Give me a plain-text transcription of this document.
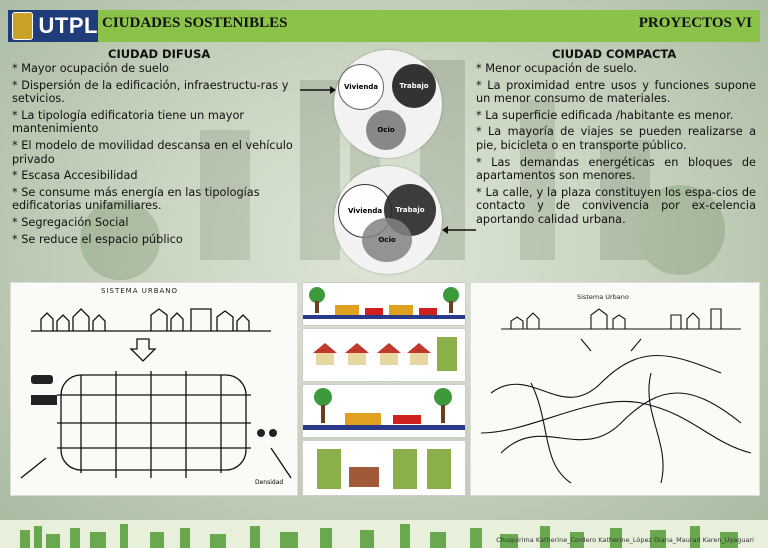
UTPL CIUDADES SOSTENIBLES	PROYECTOS VI
CIUDAD DIFUSA

* Mayor ocupación de suelo

* Dispersión de la edificación, infraestructu-ras y setvicios.

* La tipología edificatoria tiene un mayor mantenimiento

* El modelo de movilidad descansa en el vehículo privado

* Escasa Accesibilidad

* Se consume más energía en las tipologías edificatorias unifamiliares.

* Segregación Social

* Se reduce el espacio público

CIUDAD COMPACTA

* Menor ocupación de suelo.

* La proximidad entre usos y funciones supone un menor consumo de materiales.

* La superficie edificada /habitante es menor.

* La mayoría de viajes se pueden realizarse a pie, bicicleta o en transporte público.

* Las demandas energéticas en bloques de apartamentos son menores.

* La calle, y la plaza constituyen los espa-cios de contacto y de convivencia por ex-celencia aportando calidad urbana.

Vivienda	Trabajo
Ocio
Vivienda Trabajo
Ocio
SISTEMA URBANO
Densidad
Sistema Urbano
Chuquirima Katherine_Cordero Katherine_López Diana_Maurad Karen_Uyaguari
